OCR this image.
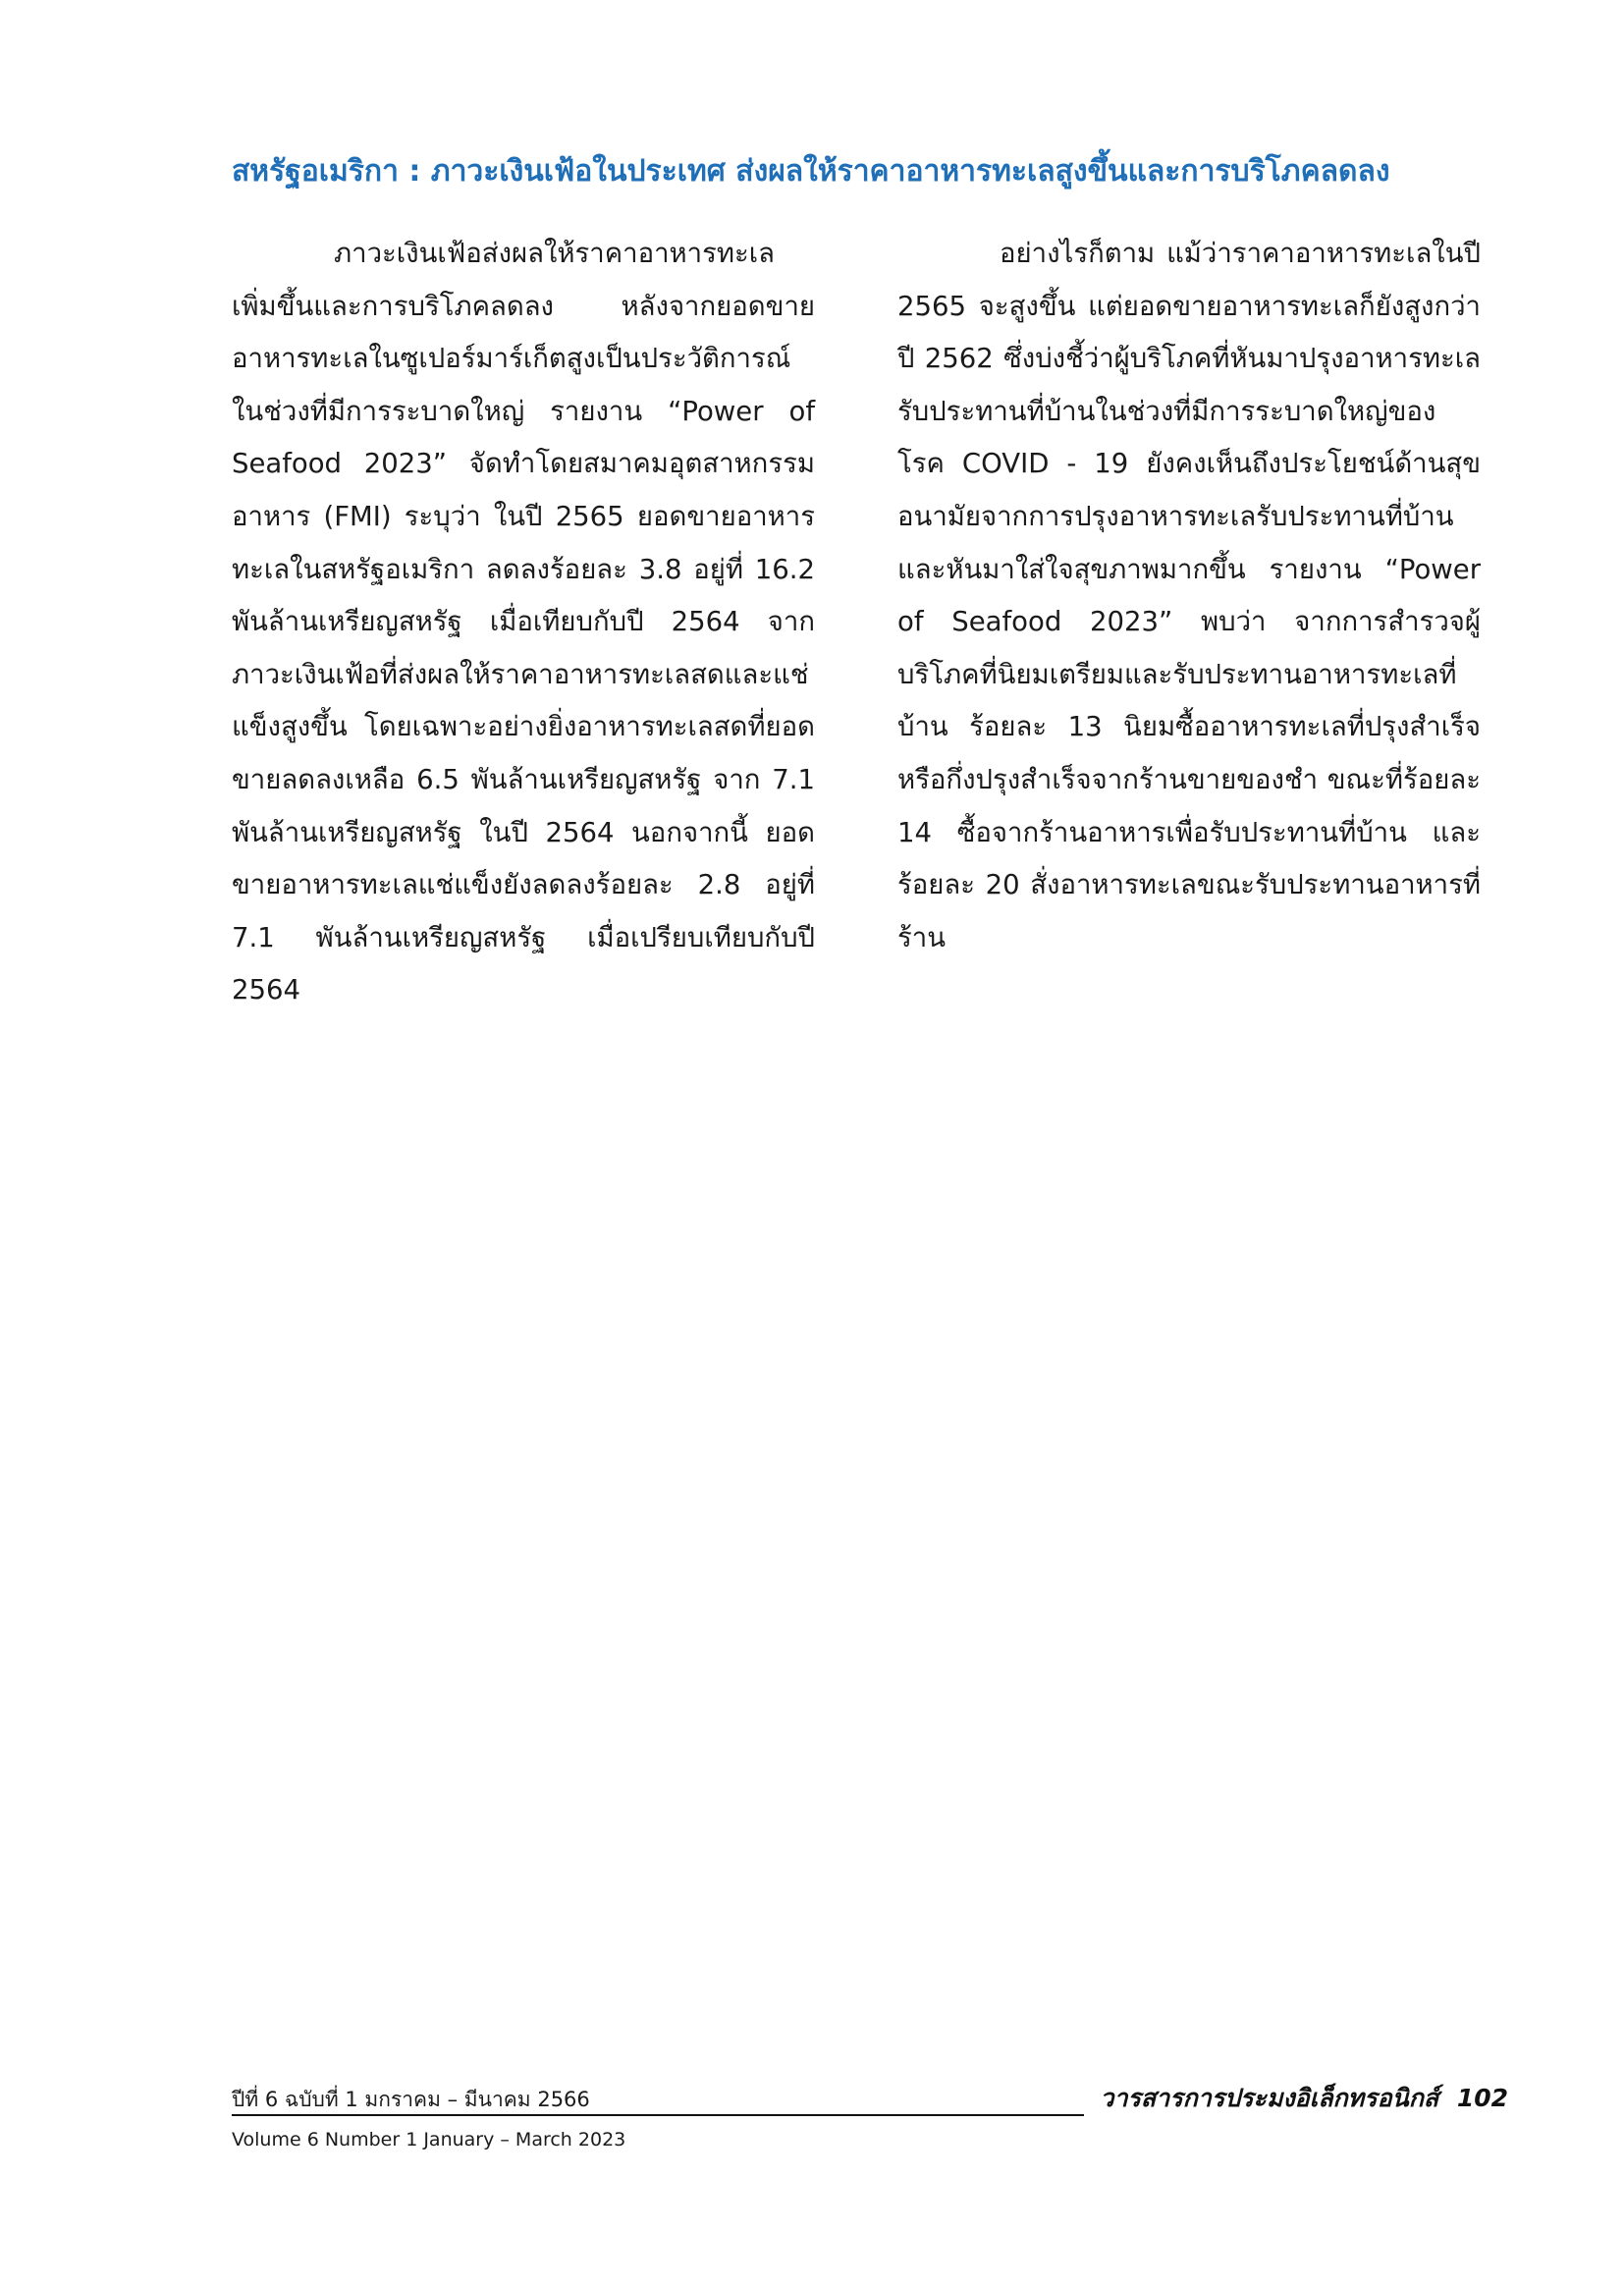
สหรัฐอเมริกา : ภาวะเงินเฟ้อในประเทศ ส่งผลให้ราคาอาหารทะเลสูงขึ้นและการบริโภคลดลง

ภาวะเงินเฟ้อส่งผลให้ราคาอาหารทะเลเพิ่มขึ้นและการบริโภคลดลง หลังจากยอดขายอาหารทะเลในซูเปอร์มาร์เก็ตสูงเป็นประวัติการณ์ในช่วงที่มีการระบาดใหญ่ รายงาน “Power of Seafood 2023” จัดทำโดยสมาคมอุตสาหกรรมอาหาร (FMI) ระบุว่า ในปี 2565 ยอดขายอาหารทะเลในสหรัฐอเมริกา ลดลงร้อยละ 3.8 อยู่ที่ 16.2 พันล้านเหรียญสหรัฐ เมื่อเทียบกับปี 2564 จากภาวะเงินเฟ้อที่ส่งผลให้ราคาอาหารทะเลสดและแช่แข็งสูงขึ้น โดยเฉพาะอย่างยิ่งอาหารทะเลสดที่ยอดขายลดลงเหลือ 6.5 พันล้านเหรียญสหรัฐ จาก 7.1 พันล้านเหรียญสหรัฐ ในปี 2564 นอกจากนี้ ยอดขายอาหารทะเลแช่แข็งยังลดลงร้อยละ 2.8 อยู่ที่ 7.1 พันล้านเหรียญสหรัฐ เมื่อเปรียบเทียบกับปี 2564

อย่างไรก็ตาม แม้ว่าราคาอาหารทะเลในปี 2565 จะสูงขึ้น แต่ยอดขายอาหารทะเลก็ยังสูงกว่า ปี 2562 ซึ่งบ่งชี้ว่าผู้บริโภคที่หันมาปรุงอาหารทะเลรับประทานที่บ้านในช่วงที่มีการระบาดใหญ่ของโรค COVID - 19 ยังคงเห็นถึงประโยชน์ด้านสุขอนามัยจากการปรุงอาหารทะเลรับประทานที่บ้าน และหันมาใส่ใจสุขภาพมากขึ้น รายงาน “Power of Seafood 2023” พบว่า จากการสำรวจผู้บริโภคที่นิยมเตรียมและรับประทานอาหารทะเลที่บ้าน ร้อยละ 13 นิยมซื้ออาหารทะเลที่ปรุงสำเร็จหรือกึ่งปรุงสำเร็จจากร้านขายของชำ ขณะที่ร้อยละ 14 ซื้อจากร้านอาหารเพื่อรับประทานที่บ้าน และร้อยละ 20 สั่งอาหารทะเลขณะรับประทานอาหารที่ร้าน

ปีที่ 6 ฉบับที่ 1 มกราคม – มีนาคม 2566	วารสารการประมงอิเล็กทรอนิกส์ 102
Volume 6 Number 1 January – March 2023
